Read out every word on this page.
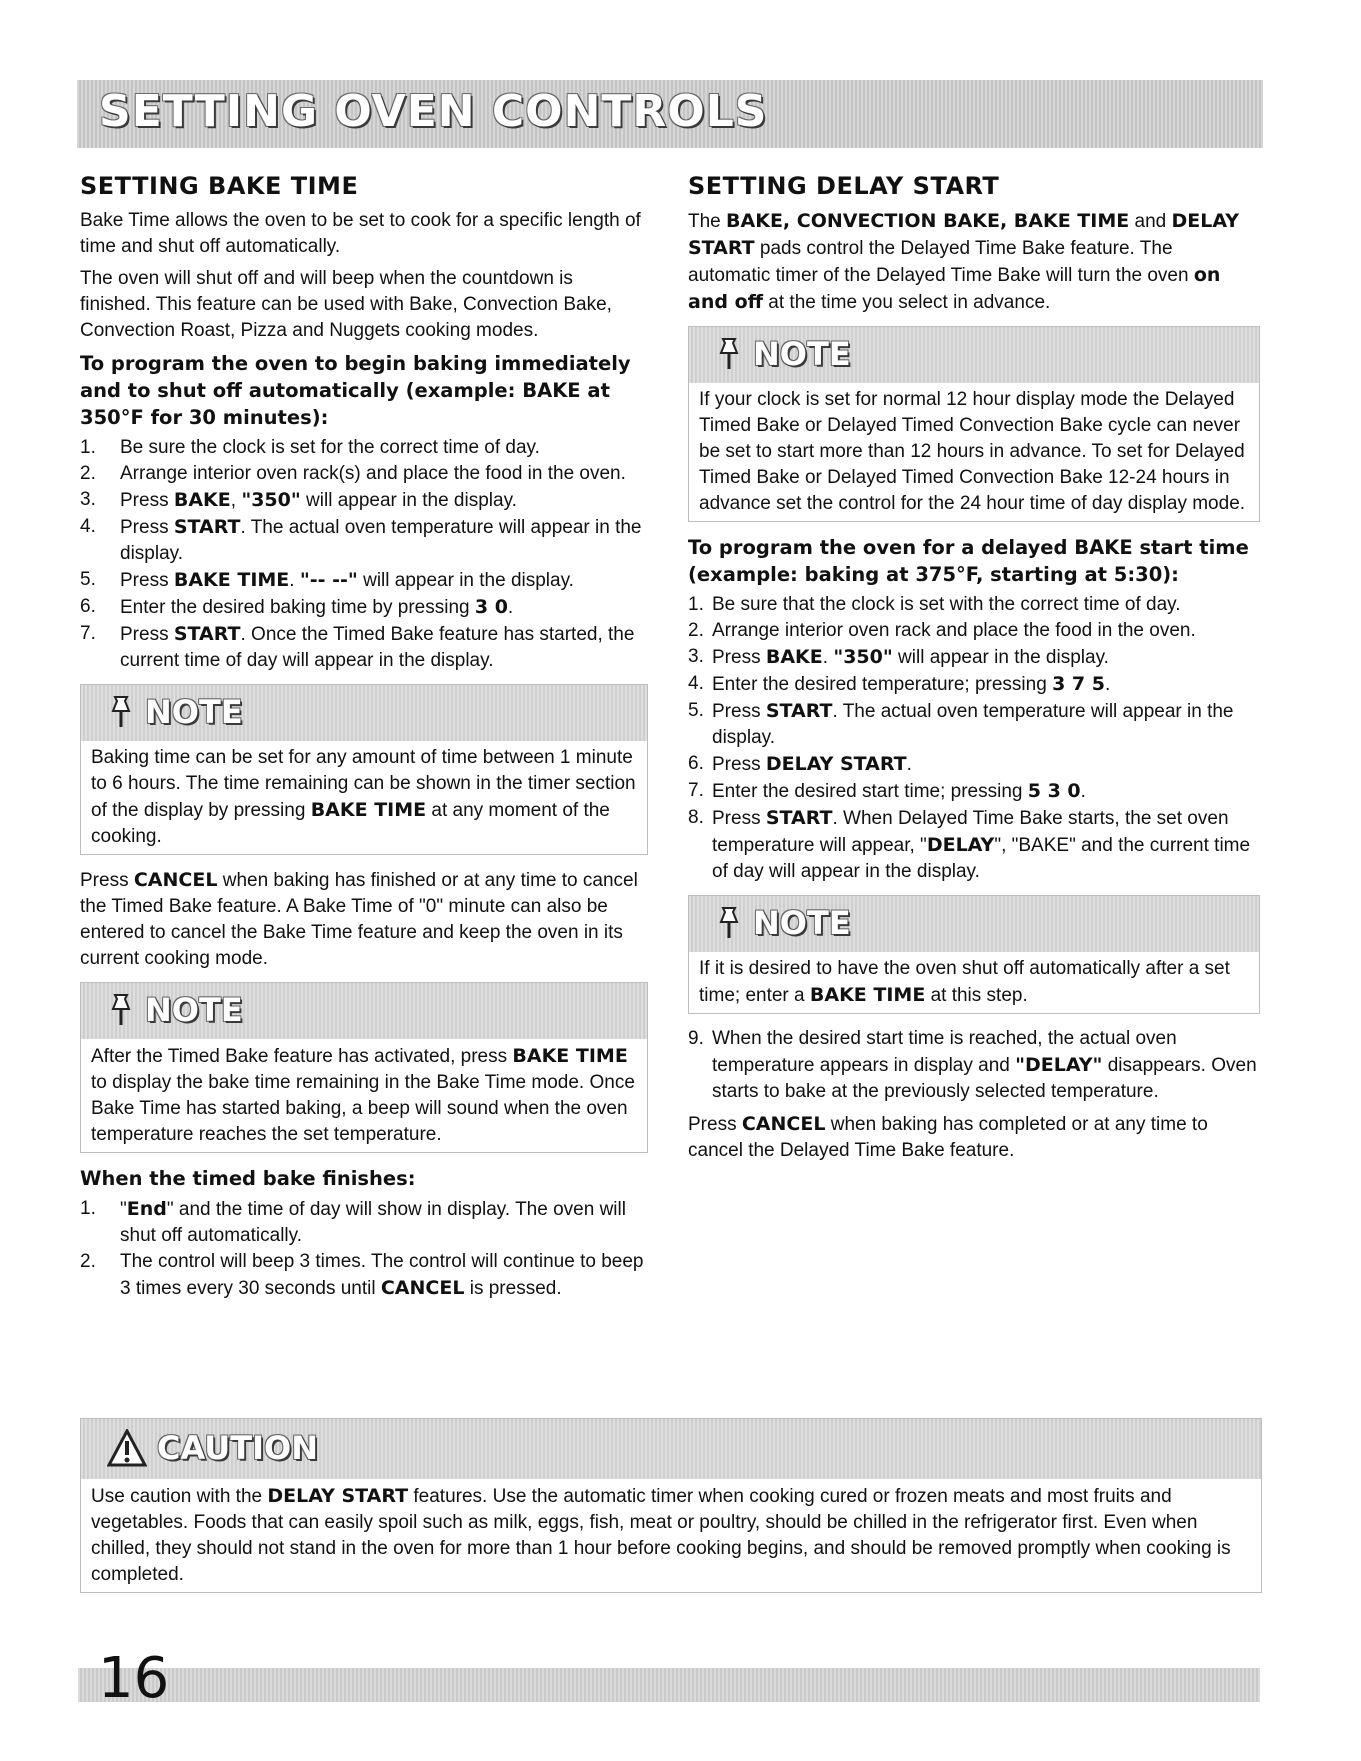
SETTING OVEN CONTROLS
SETTING BAKE TIME

Bake Time allows the oven to be set to cook for a specific length of time and shut off automatically.

The oven will shut off and will beep when the countdown is finished. This feature can be used with Bake, Convection Bake, Convection Roast, Pizza and Nuggets cooking modes.

To program the oven to begin baking immediately and to shut off automatically (example: BAKE at 350°F for 30 minutes):
1. Be sure the clock is set for the correct time of day.
2. Arrange interior oven rack(s) and place the food in the oven.
3. Press BAKE, "350" will appear in the display.
4. Press START. The actual oven temperature will appear in the display.
5. Press BAKE TIME. "-- --" will appear in the display.
6. Enter the desired baking time by pressing 3 0.
7. Press START. Once the Timed Bake feature has started, the current time of day will appear in the display.
NOTE

Baking time can be set for any amount of time between 1 minute to 6 hours. The time remaining can be shown in the timer section of the display by pressing BAKE TIME at any moment of the cooking.

Press CANCEL when baking has finished or at any time to cancel the Timed Bake feature. A Bake Time of "0" minute can also be entered to cancel the Bake Time feature and keep the oven in its current cooking mode.

NOTE

After the Timed Bake feature has activated, press BAKE TIME to display the bake time remaining in the Bake Time mode. Once Bake Time has started baking, a beep will sound when the oven temperature reaches the set temperature.

When the timed bake finishes:
1. "End" and the time of day will show in display. The oven will shut off automatically.
2. The control will beep 3 times. The control will continue to beep 3 times every 30 seconds until CANCEL is pressed.
SETTING DELAY START

The BAKE, CONVECTION BAKE, BAKE TIME and DELAY START pads control the Delayed Time Bake feature. The automatic timer of the Delayed Time Bake will turn the oven on and off at the time you select in advance.

NOTE

If your clock is set for normal 12 hour display mode the Delayed Timed Bake or Delayed Timed Convection Bake cycle can never be set to start more than 12 hours in advance. To set for Delayed Timed Bake or Delayed Timed Convection Bake 12-24 hours in advance set the control for the 24 hour time of day display mode.

To program the oven for a delayed BAKE start time (example: baking at 375°F, starting at 5:30):
1. Be sure that the clock is set with the correct time of day.
2. Arrange interior oven rack and place the food in the oven.
3. Press BAKE. "350" will appear in the display.
4. Enter the desired temperature; pressing 3 7 5.
5. Press START. The actual oven temperature will appear in the display.
6. Press DELAY START.
7. Enter the desired start time; pressing 5 3 0.
8. Press START. When Delayed Time Bake starts, the set oven temperature will appear, "DELAY", "BAKE" and the current time of day will appear in the display.
NOTE

If it is desired to have the oven shut off automatically after a set time; enter a BAKE TIME at this step.

9. When the desired start time is reached, the actual oven temperature appears in display and "DELAY" disappears. Oven starts to bake at the previously selected temperature.

Press CANCEL when baking has completed or at any time to cancel the Delayed Time Bake feature.

CAUTION

Use caution with the DELAY START features. Use the automatic timer when cooking cured or frozen meats and most fruits and vegetables. Foods that can easily spoil such as milk, eggs, fish, meat or poultry, should be chilled in the refrigerator first. Even when chilled, they should not stand in the oven for more than 1 hour before cooking begins, and should be removed promptly when cooking is completed.

16
